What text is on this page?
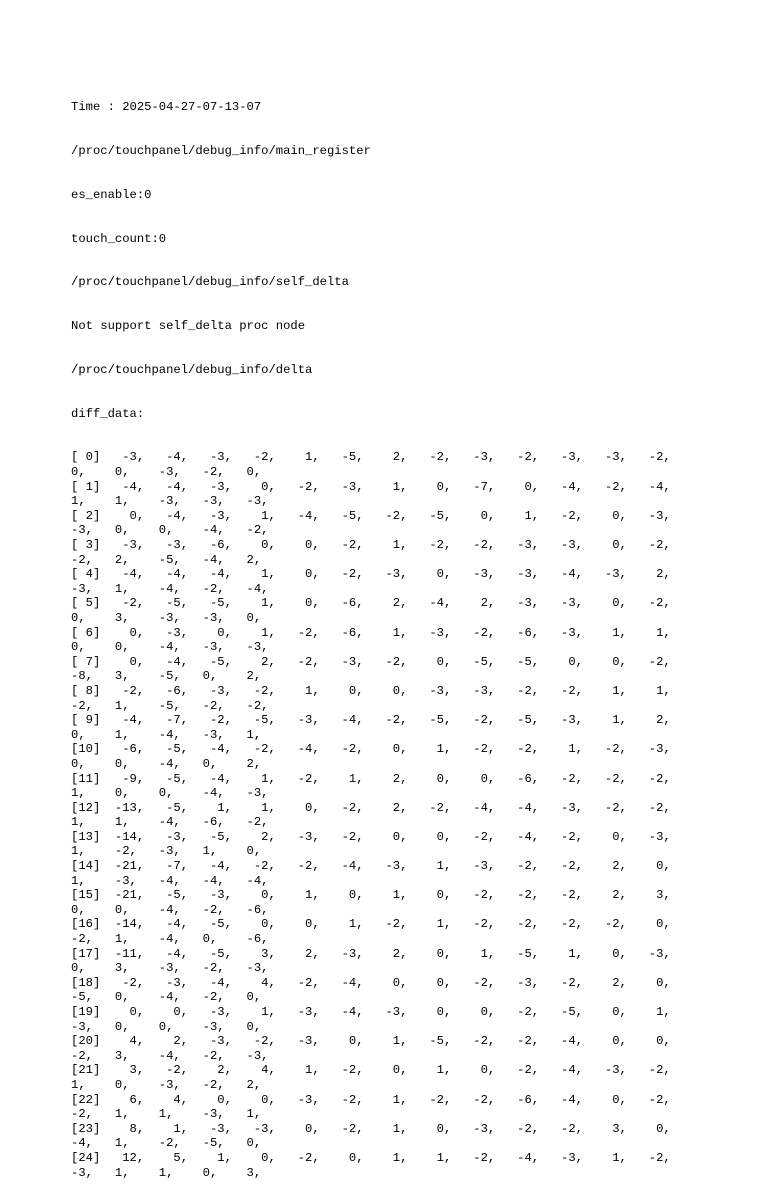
Time : 2025-04-27-07-13-07

/proc/touchpanel/debug_info/main_register

es_enable:0

touch_count:0

/proc/touchpanel/debug_info/self_delta

Not support self_delta proc node

/proc/touchpanel/debug_info/delta

diff_data:

[ 0]   -3,   -4,   -3,   -2,    1,   -5,    2,   -2,   -3,   -2,   -3,   -3,   -2,
0,    0,    -3,   -2,   0,
[ 1]   -4,   -4,   -3,    0,   -2,   -3,    1,    0,   -7,    0,   -4,   -2,   -4,
1,    1,    -3,   -3,   -3,
[ 2]    0,   -4,   -3,    1,   -4,   -5,   -2,   -5,    0,    1,   -2,    0,   -3,
-3,   0,    0,    -4,   -2,
[ 3]   -3,   -3,   -6,    0,    0,   -2,    1,   -2,   -2,   -3,   -3,    0,   -2,
-2,   2,    -5,   -4,   2,
[ 4]   -4,   -4,   -4,    1,    0,   -2,   -3,    0,   -3,   -3,   -4,   -3,    2,
-3,   1,    -4,   -2,   -4,
[ 5]   -2,   -5,   -5,    1,    0,   -6,    2,   -4,    2,   -3,   -3,    0,   -2,
0,    3,    -3,   -3,   0,
[ 6]    0,   -3,    0,    1,   -2,   -6,    1,   -3,   -2,   -6,   -3,    1,    1,
0,    0,    -4,   -3,   -3,
[ 7]    0,   -4,   -5,    2,   -2,   -3,   -2,    0,   -5,   -5,    0,    0,   -2,
-8,   3,    -5,   0,    2,
[ 8]   -2,   -6,   -3,   -2,    1,    0,    0,   -3,   -3,   -2,   -2,    1,    1,
-2,   1,    -5,   -2,   -2,
[ 9]   -4,   -7,   -2,   -5,   -3,   -4,   -2,   -5,   -2,   -5,   -3,    1,    2,
0,    1,    -4,   -3,   1,
[10]   -6,   -5,   -4,   -2,   -4,   -2,    0,    1,   -2,   -2,    1,   -2,   -3,
0,    0,    -4,   0,    2,
[11]   -9,   -5,   -4,    1,   -2,    1,    2,    0,    0,   -6,   -2,   -2,   -2,
1,    0,    0,    -4,   -3,
[12]  -13,   -5,    1,    1,    0,   -2,    2,   -2,   -4,   -4,   -3,   -2,   -2,
1,    1,    -4,   -6,   -2,
[13]  -14,   -3,   -5,    2,   -3,   -2,    0,    0,   -2,   -4,   -2,    0,   -3,
1,    -2,   -3,   1,    0,
[14]  -21,   -7,   -4,   -2,   -2,   -4,   -3,    1,   -3,   -2,   -2,    2,    0,
1,    -3,   -4,   -4,   -4,
[15]  -21,   -5,   -3,    0,    1,    0,    1,    0,   -2,   -2,   -2,    2,    3,
0,    0,    -4,   -2,   -6,
[16]  -14,   -4,   -5,    0,    0,    1,   -2,    1,   -2,   -2,   -2,   -2,    0,
-2,   1,    -4,   0,    -6,
[17]  -11,   -4,   -5,    3,    2,   -3,    2,    0,    1,   -5,    1,    0,   -3,
0,    3,    -3,   -2,   -3,
[18]   -2,   -3,   -4,    4,   -2,   -4,    0,    0,   -2,   -3,   -2,    2,    0,
-5,   0,    -4,   -2,   0,
[19]    0,    0,   -3,    1,   -3,   -4,   -3,    0,    0,   -2,   -5,    0,    1,
-3,   0,    0,    -3,   0,
[20]    4,    2,   -3,   -2,   -3,    0,    1,   -5,   -2,   -2,   -4,    0,    0,
-2,   3,    -4,   -2,   -3,
[21]    3,   -2,    2,    4,    1,   -2,    0,    1,    0,   -2,   -4,   -3,   -2,
1,    0,    -3,   -2,   2,
[22]    6,    4,    0,    0,   -3,   -2,    1,   -2,   -2,   -6,   -4,    0,   -2,
-2,   1,    1,    -3,   1,
[23]    8,    1,   -3,   -3,    0,   -2,    1,    0,   -3,   -2,   -2,    3,    0,
-4,   1,    -2,   -5,   0,
[24]   12,    5,    1,    0,   -2,    0,    1,    1,   -2,   -4,   -3,    1,   -2,
-3,   1,    1,    0,    3,
